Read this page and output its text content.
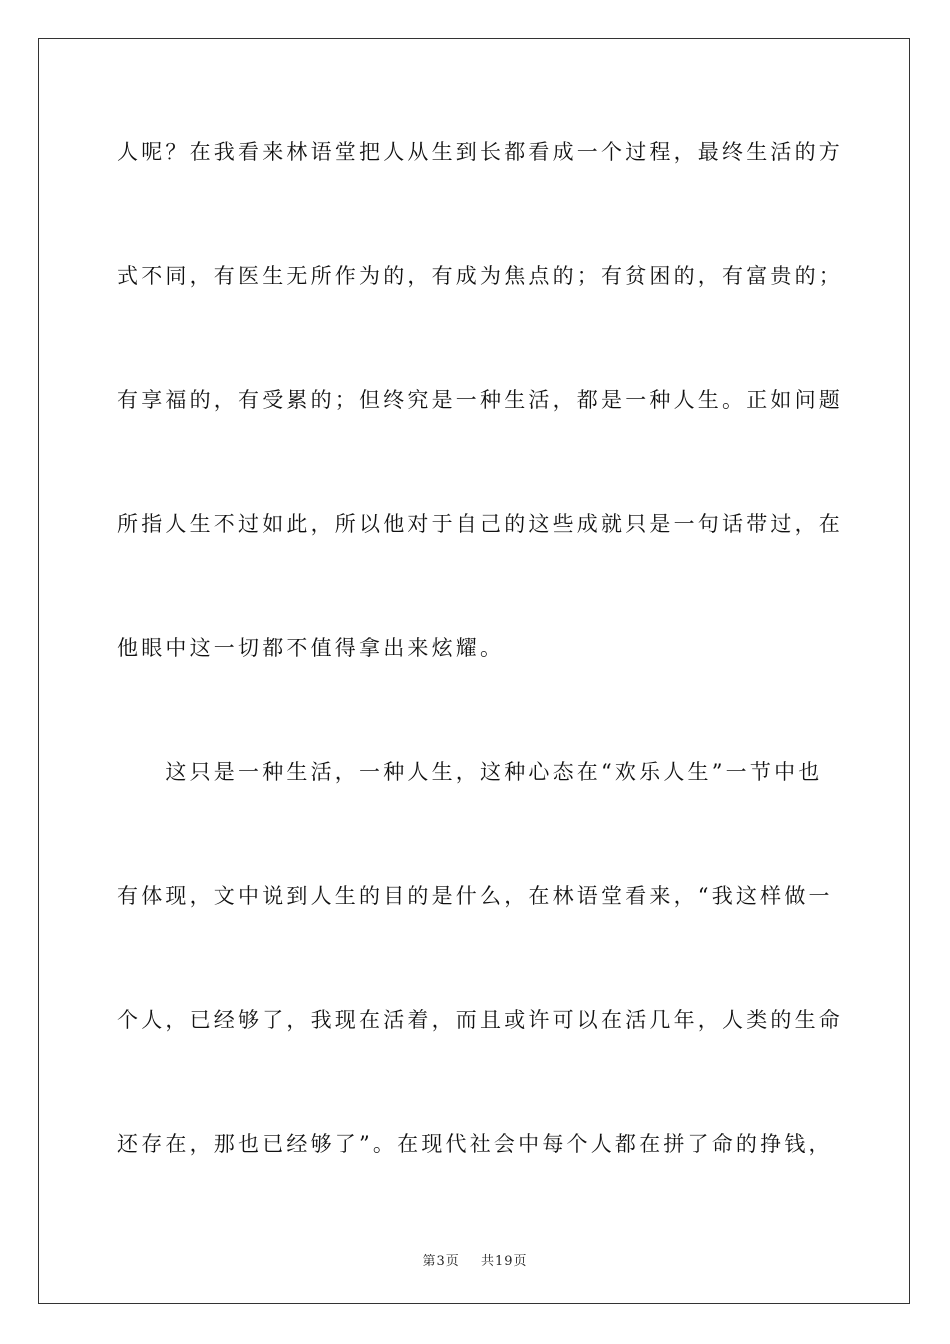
人呢？在我看来林语堂把人从生到长都看成一个过程，最终生活的方
式不同，有医生无所作为的，有成为焦点的；有贫困的，有富贵的；
有享福的，有受累的；但终究是一种生活，都是一种人生。正如问题
所指人生不过如此，所以他对于自己的这些成就只是一句话带过，在
他眼中这一切都不值得拿出来炫耀。
　　这只是一种生活，一种人生，这种心态在“欢乐人生”一节中也
有体现，文中说到人生的目的是什么，在林语堂看来，“我这样做一
个人，已经够了，我现在活着，而且或许可以在活几年，人类的生命
还存在，那也已经够了”。在现代社会中每个人都在拼了命的挣钱，
第3页 共19页
